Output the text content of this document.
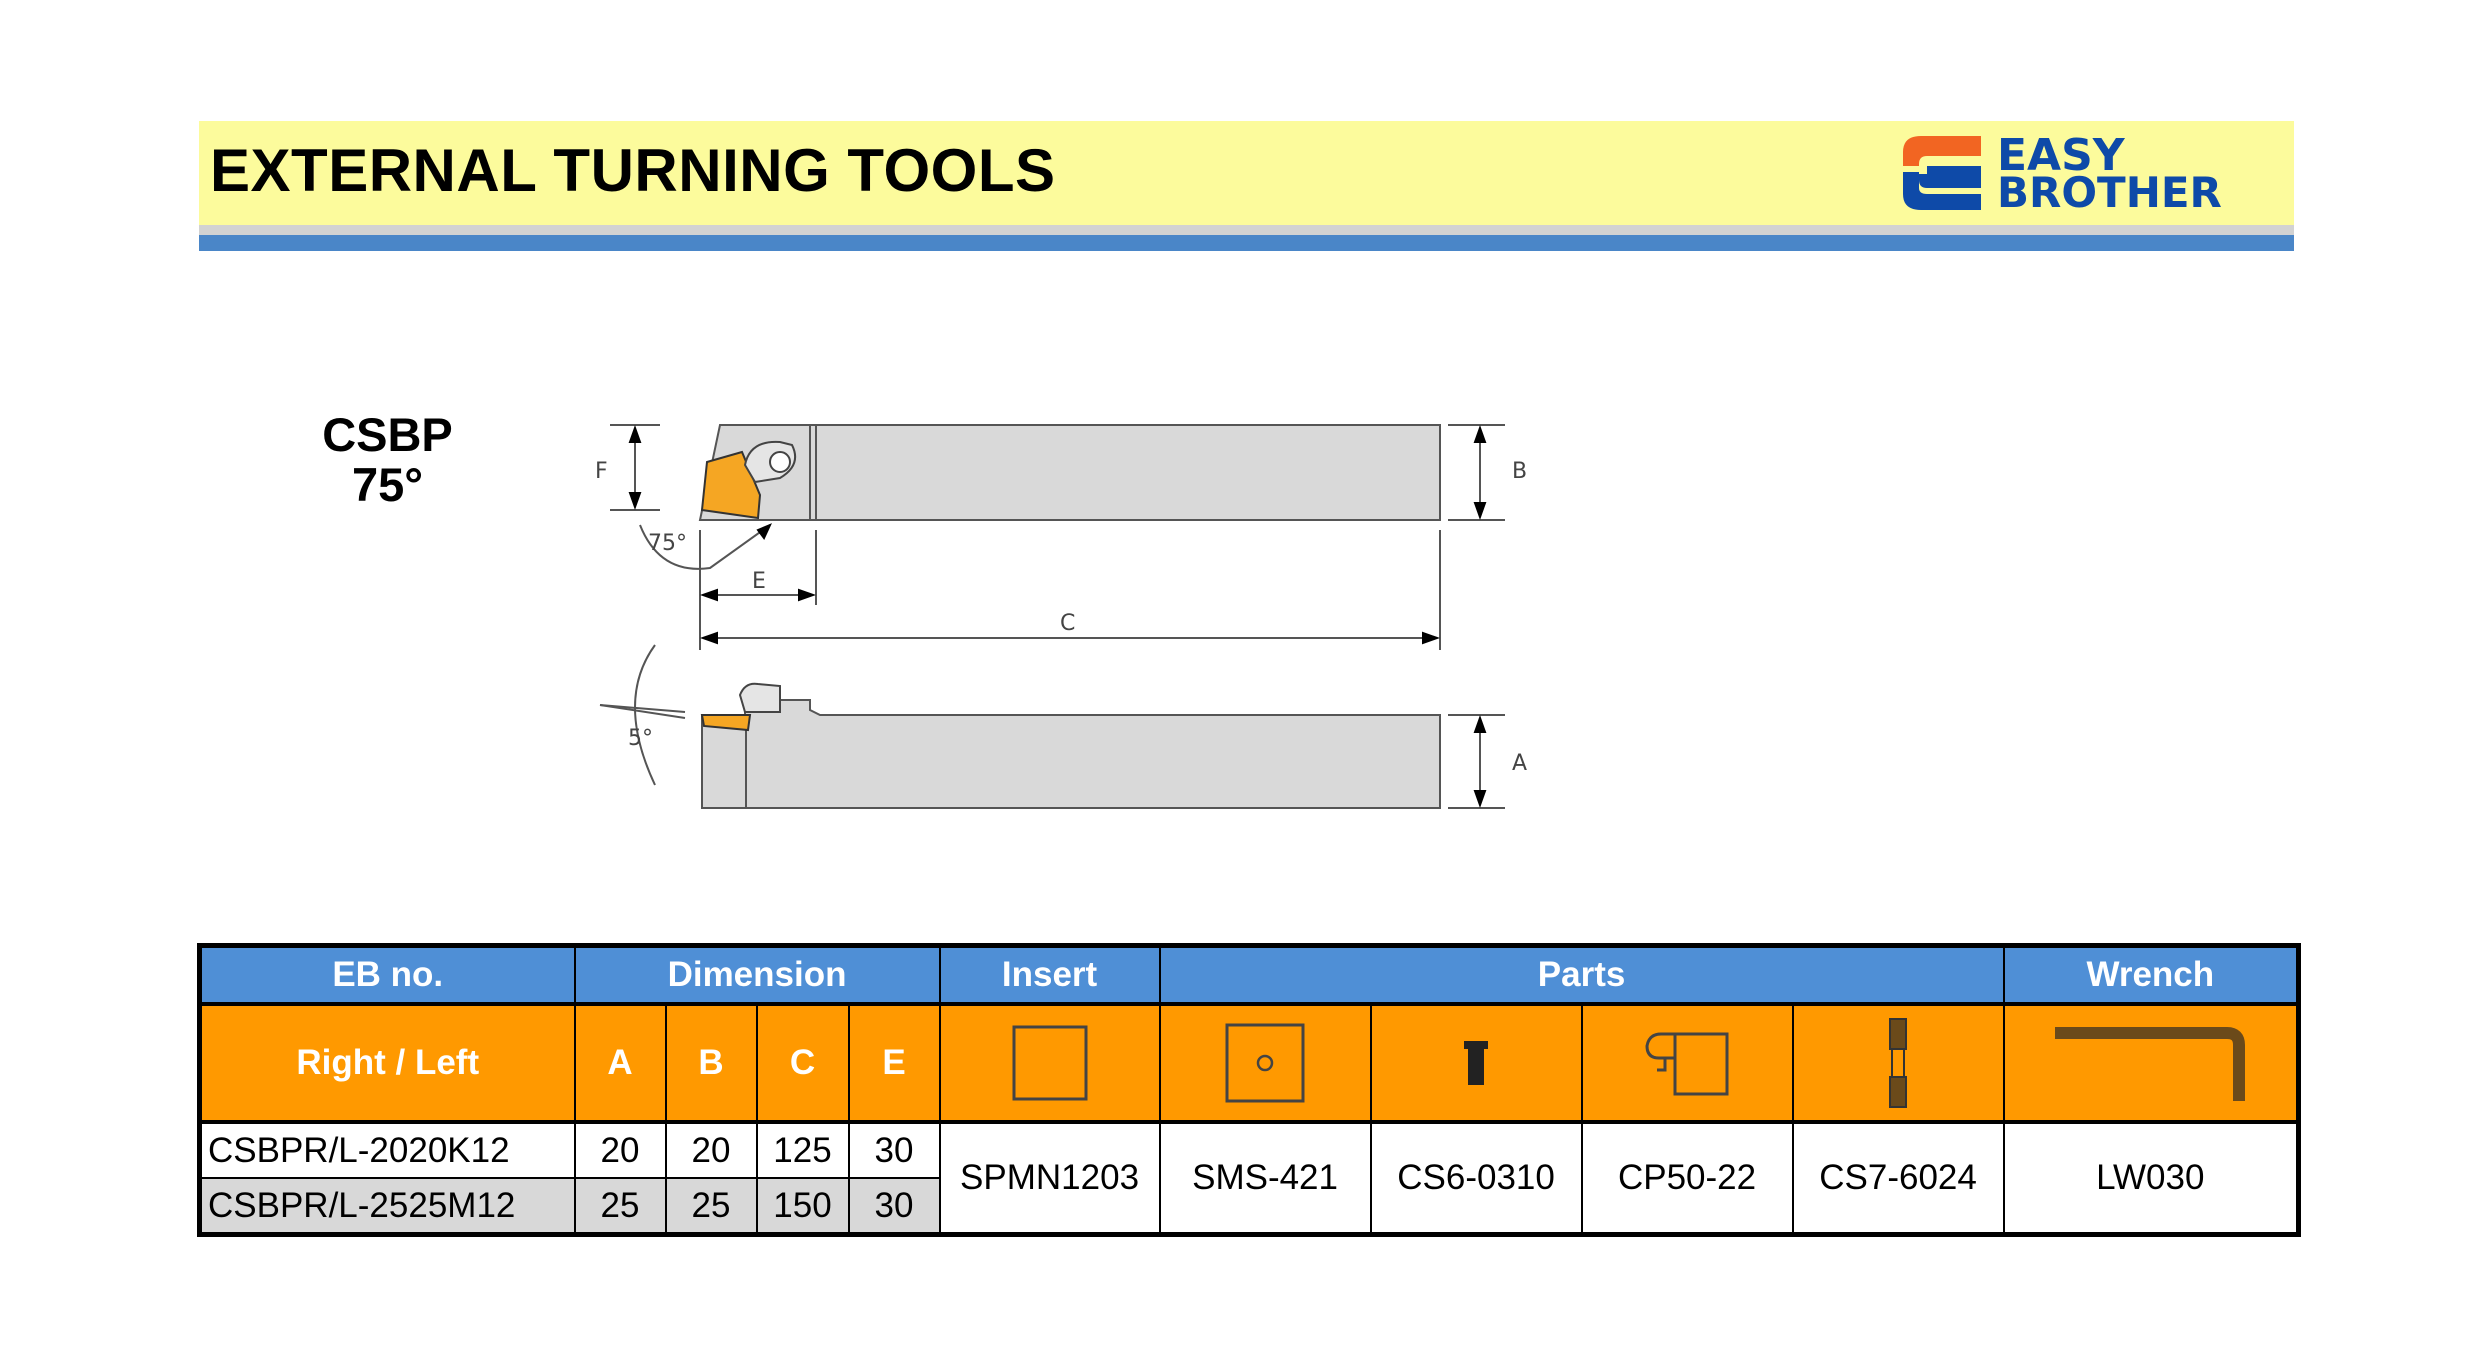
EXTERNAL TURNING TOOLS	EASY
BROTHER
CSBP
75°	F	B
75°
E
C
5°
A
EB no.	Dimension				Insert	Parts				Wrench
Right / Left	A	B	C	E	

CSBPR/L-2020K12	20	20	125	30	SPMN1203	SMS-421	CS6-0310	CP50-22	CS7-6024	LW030
CSBPR/L-2525M12	25	25	150	30						
